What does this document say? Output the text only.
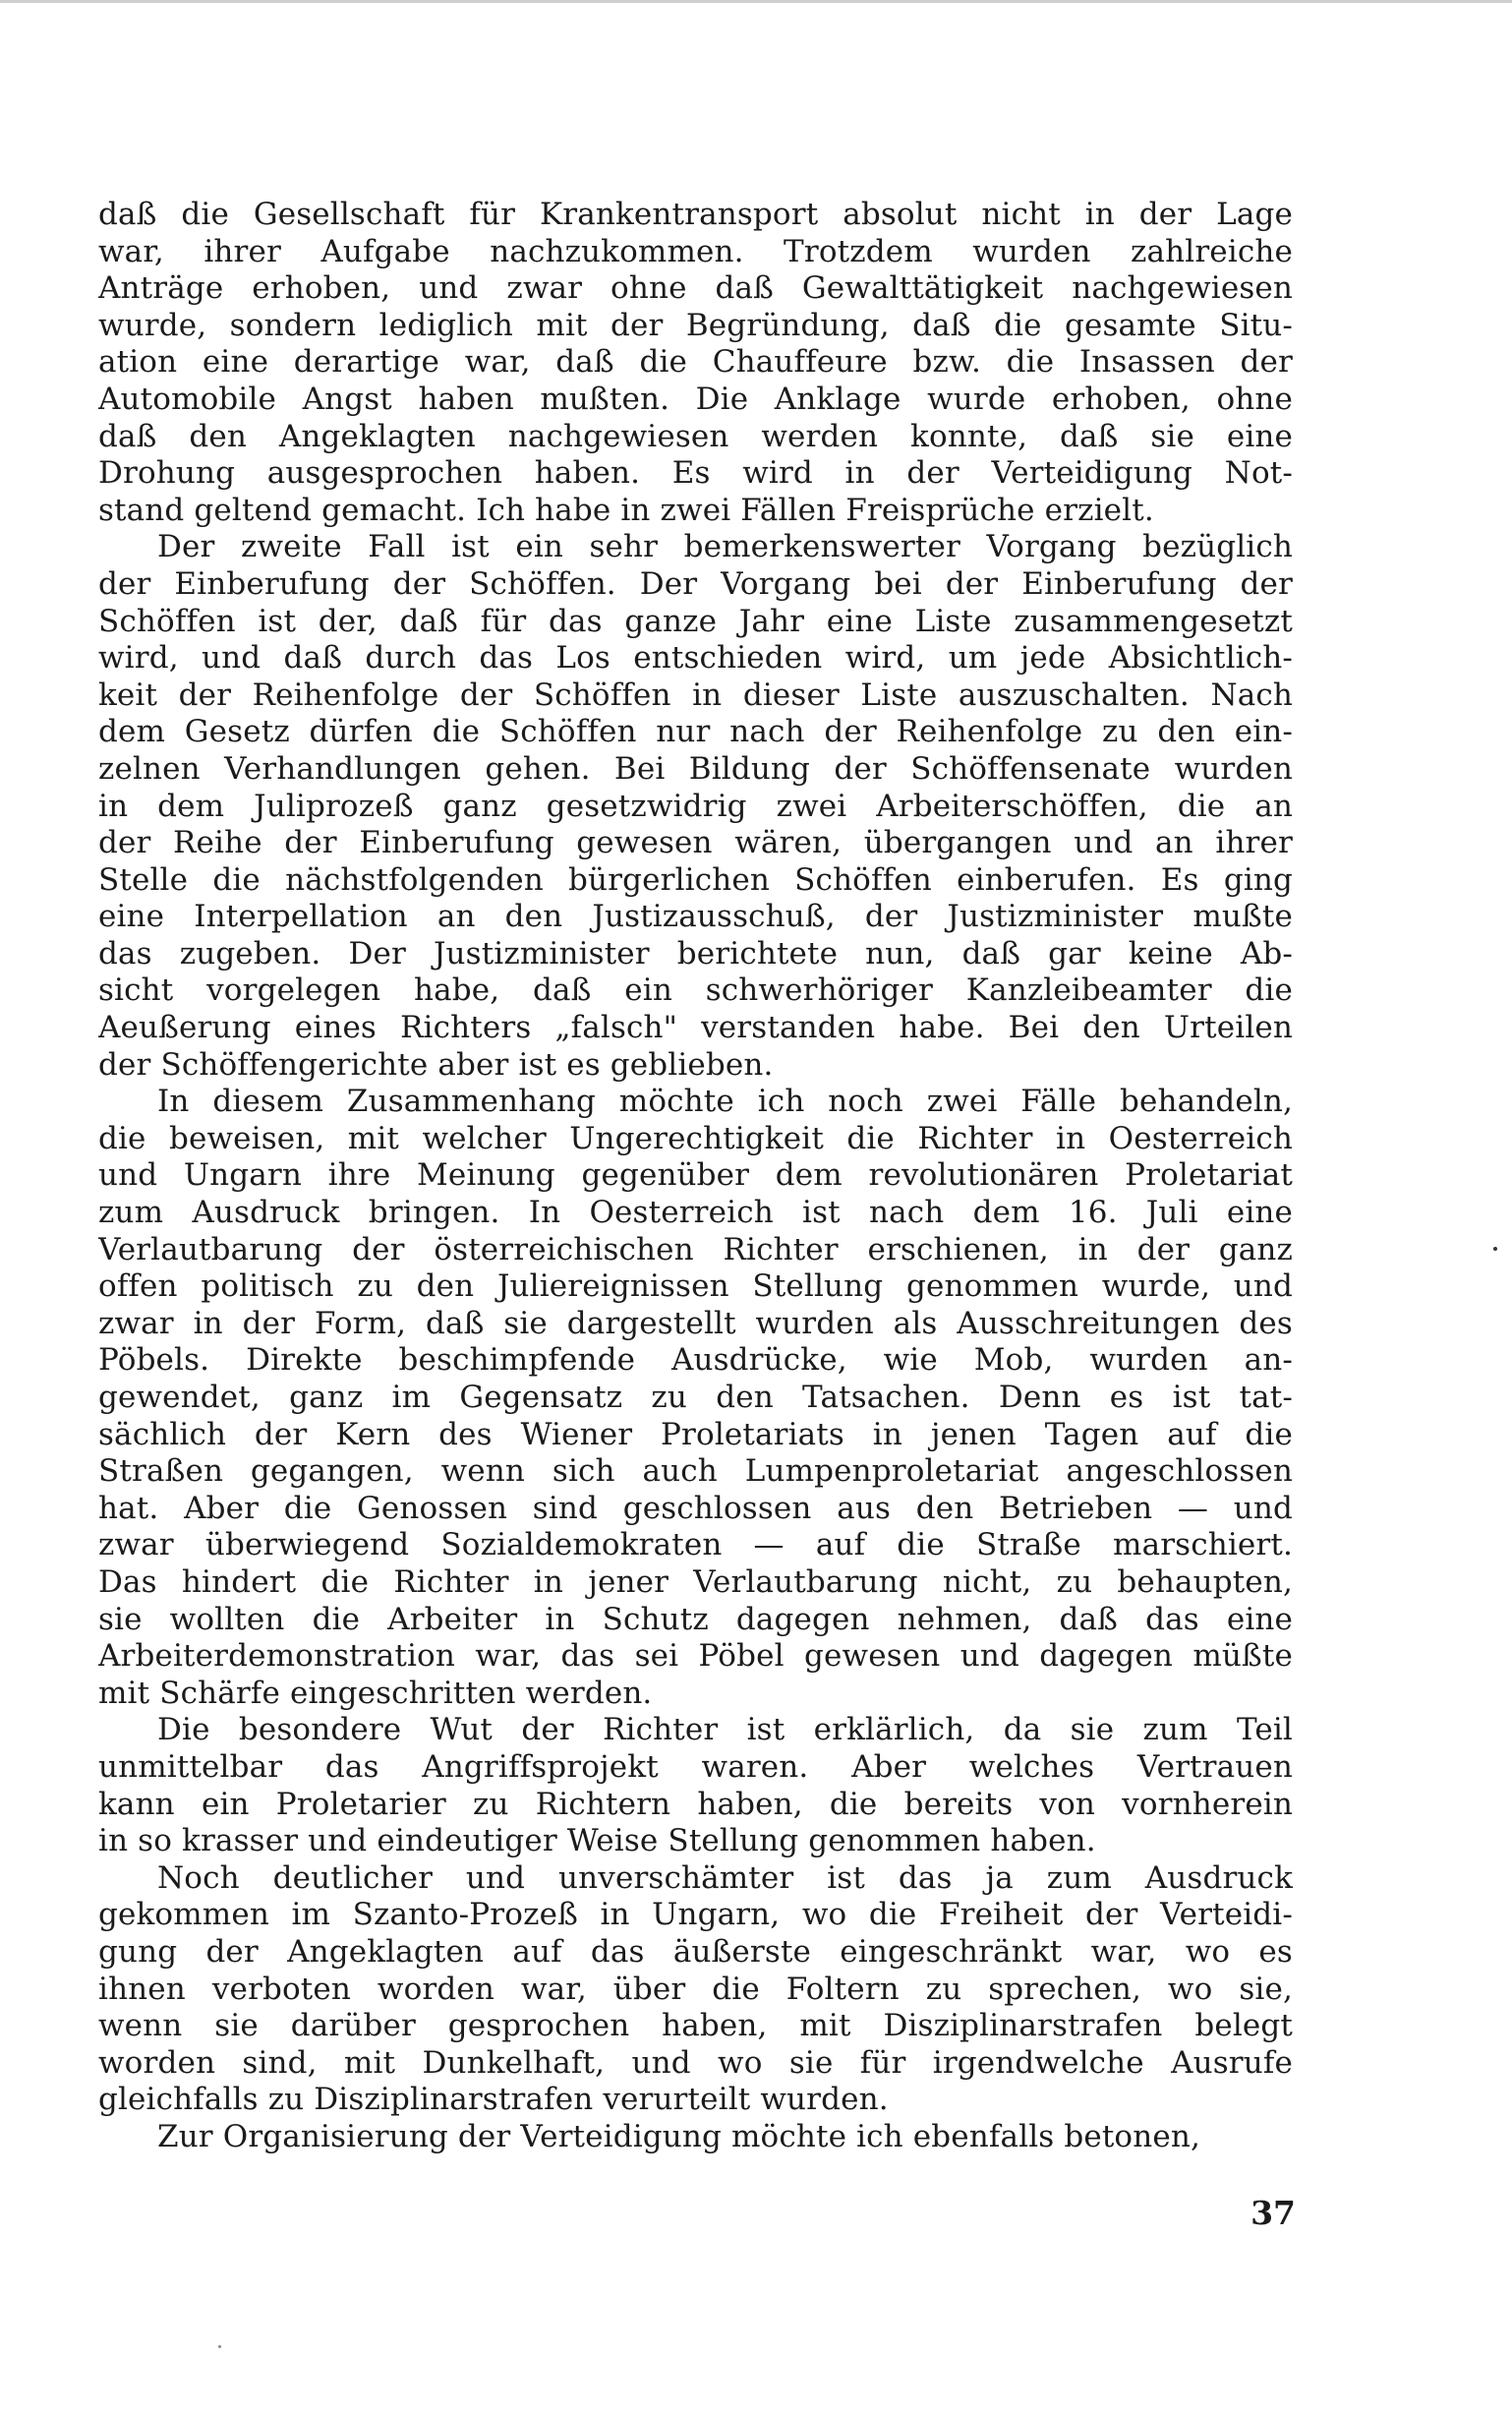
daß die Gesellschaft für Krankentransport absolut nicht in der Lage
war, ihrer Aufgabe nachzukommen. Trotzdem wurden zahlreiche
Anträge erhoben, und zwar ohne daß Gewalttätigkeit nachgewiesen
wurde, sondern lediglich mit der Begründung, daß die gesamte Situ-
ation eine derartige war, daß die Chauffeure bzw. die Insassen der
Automobile Angst haben mußten. Die Anklage wurde erhoben, ohne
daß den Angeklagten nachgewiesen werden konnte, daß sie eine
Drohung ausgesprochen haben. Es wird in der Verteidigung Not-
stand geltend gemacht. Ich habe in zwei Fällen Freisprüche erzielt.
Der zweite Fall ist ein sehr bemerkenswerter Vorgang bezüglich
der Einberufung der Schöffen. Der Vorgang bei der Einberufung der
Schöffen ist der, daß für das ganze Jahr eine Liste zusammengesetzt
wird, und daß durch das Los entschieden wird, um jede Absichtlich-
keit der Reihenfolge der Schöffen in dieser Liste auszuschalten. Nach
dem Gesetz dürfen die Schöffen nur nach der Reihenfolge zu den ein-
zelnen Verhandlungen gehen. Bei Bildung der Schöffensenate wurden
in dem Juliprozeß ganz gesetzwidrig zwei Arbeiterschöffen, die an
der Reihe der Einberufung gewesen wären, übergangen und an ihrer
Stelle die nächstfolgenden bürgerlichen Schöffen einberufen. Es ging
eine Interpellation an den Justizausschuß, der Justizminister mußte
das zugeben. Der Justizminister berichtete nun, daß gar keine Ab-
sicht vorgelegen habe, daß ein schwerhöriger Kanzleibeamter die
Aeußerung eines Richters „falsch" verstanden habe. Bei den Urteilen
der Schöffengerichte aber ist es geblieben.
In diesem Zusammenhang möchte ich noch zwei Fälle behandeln,
die beweisen, mit welcher Ungerechtigkeit die Richter in Oesterreich
und Ungarn ihre Meinung gegenüber dem revolutionären Proletariat
zum Ausdruck bringen. In Oesterreich ist nach dem 16. Juli eine
Verlautbarung der österreichischen Richter erschienen, in der ganz
offen politisch zu den Juliereignissen Stellung genommen wurde, und
zwar in der Form, daß sie dargestellt wurden als Ausschreitungen des
Pöbels. Direkte beschimpfende Ausdrücke, wie Mob, wurden an-
gewendet, ganz im Gegensatz zu den Tatsachen. Denn es ist tat-
sächlich der Kern des Wiener Proletariats in jenen Tagen auf die
Straßen gegangen, wenn sich auch Lumpenproletariat angeschlossen
hat. Aber die Genossen sind geschlossen aus den Betrieben — und
zwar überwiegend Sozialdemokraten — auf die Straße marschiert.
Das hindert die Richter in jener Verlautbarung nicht, zu behaupten,
sie wollten die Arbeiter in Schutz dagegen nehmen, daß das eine
Arbeiterdemonstration war, das sei Pöbel gewesen und dagegen müßte
mit Schärfe eingeschritten werden.
Die besondere Wut der Richter ist erklärlich, da sie zum Teil
unmittelbar das Angriffsprojekt waren. Aber welches Vertrauen
kann ein Proletarier zu Richtern haben, die bereits von vornherein
in so krasser und eindeutiger Weise Stellung genommen haben.
Noch deutlicher und unverschämter ist das ja zum Ausdruck
gekommen im Szanto-Prozeß in Ungarn, wo die Freiheit der Verteidi-
gung der Angeklagten auf das äußerste eingeschränkt war, wo es
ihnen verboten worden war, über die Foltern zu sprechen, wo sie,
wenn sie darüber gesprochen haben, mit Disziplinarstrafen belegt
worden sind, mit Dunkelhaft, und wo sie für irgendwelche Ausrufe
gleichfalls zu Disziplinarstrafen verurteilt wurden.
Zur Organisierung der Verteidigung möchte ich ebenfalls betonen,
37
